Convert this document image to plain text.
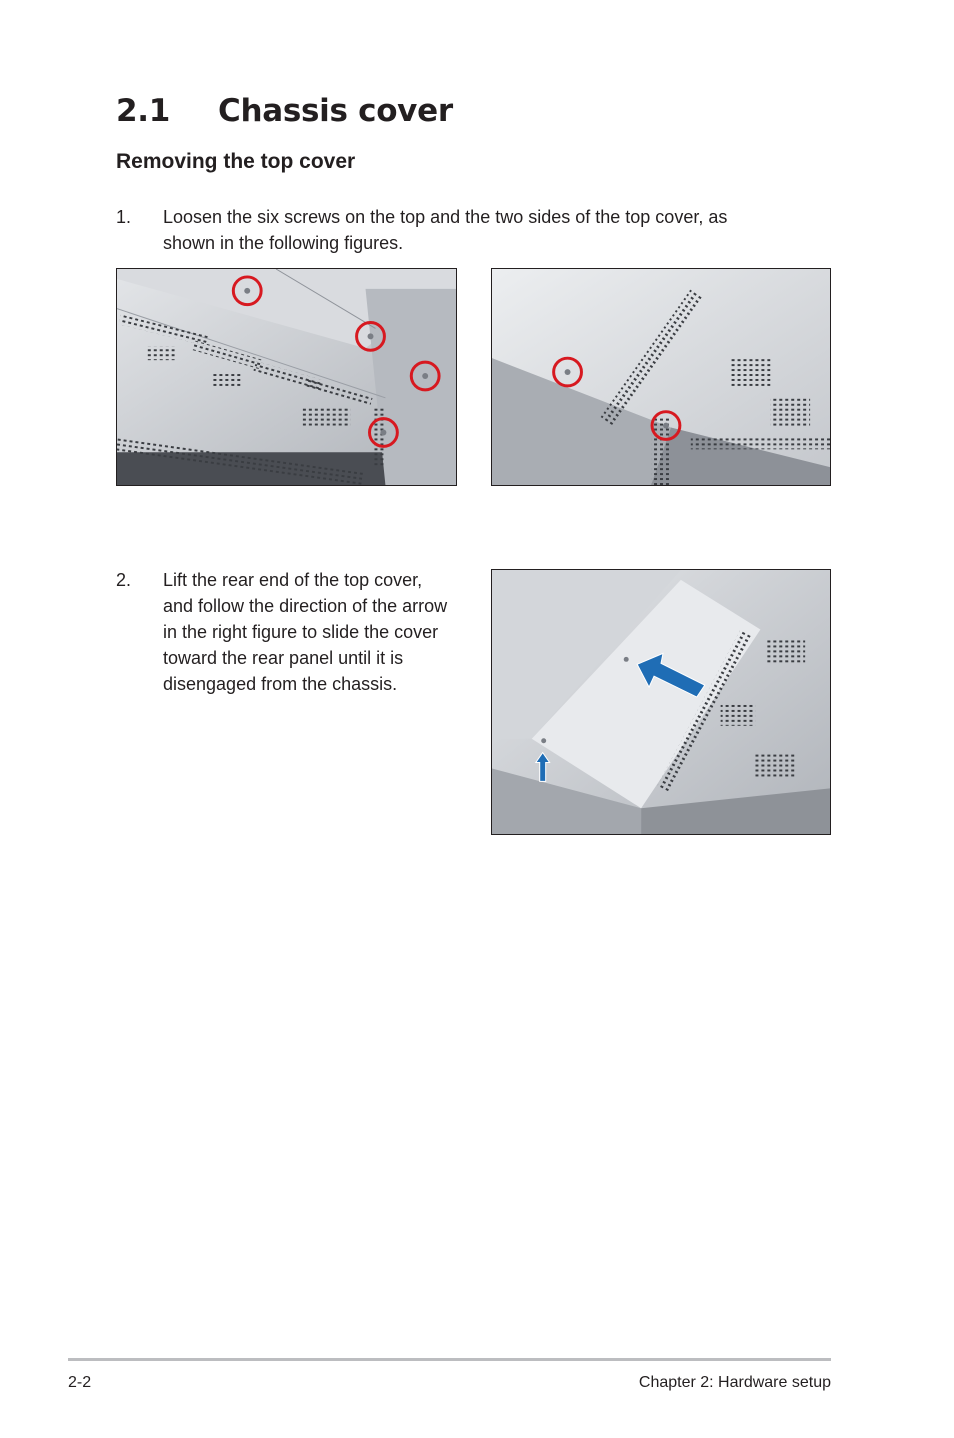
2.1 Chassis cover
Removing the top cover
1. Loosen the six screws on the top and the two sides of the top cover, as
shown in the following figures.
2. Lift the rear end of the top cover,
and follow the direction of the arrow
in the right figure to slide the cover
toward the rear panel until it is
disengaged from the chassis.
2-2	Chapter 2: Hardware setup
